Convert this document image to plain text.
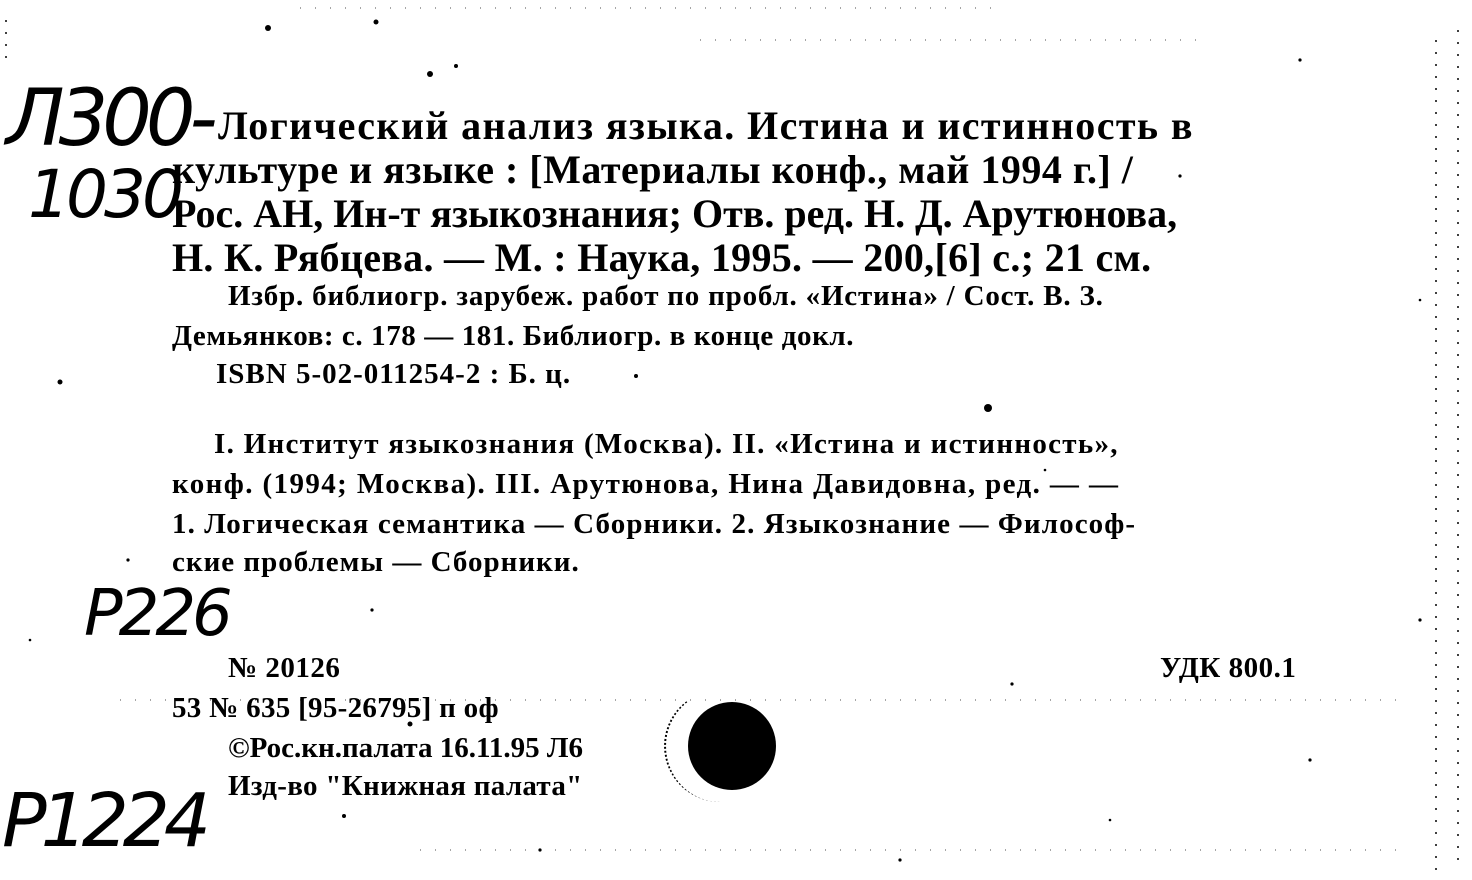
Л300-
1030
Логический анализ языка. Истина и истинность в
культуре и языке : [Материалы конф., май 1994 г.] /
Рос. АН, Ин-т языкознания; Отв. ред. Н. Д. Арутюнова,
Н. К. Рябцева. — М. : Наука, 1995. — 200,[6] с.; 21 см.
Избр. библиогр. зарубеж. работ по пробл. «Истина» / Сост. В. З.
Демьянков: с. 178 — 181. Библиогр. в конце докл.
ISBN 5-02-011254-2 : Б. ц.
I. Институт языкознания (Москва). II. «Истина и истинность»,
конф. (1994; Москва). III. Арутюнова, Нина Давидовна, ред. — —
1. Логическая семантика — Сборники. 2. Языкознание — Философ-
ские проблемы — Сборники.
Р226
№ 20126	УДК 800.1
53 № 635 [95-26795] п оф
©Рос.кн.палата 16.11.95 Л6
Изд-во "Книжная палата"
Р1224
